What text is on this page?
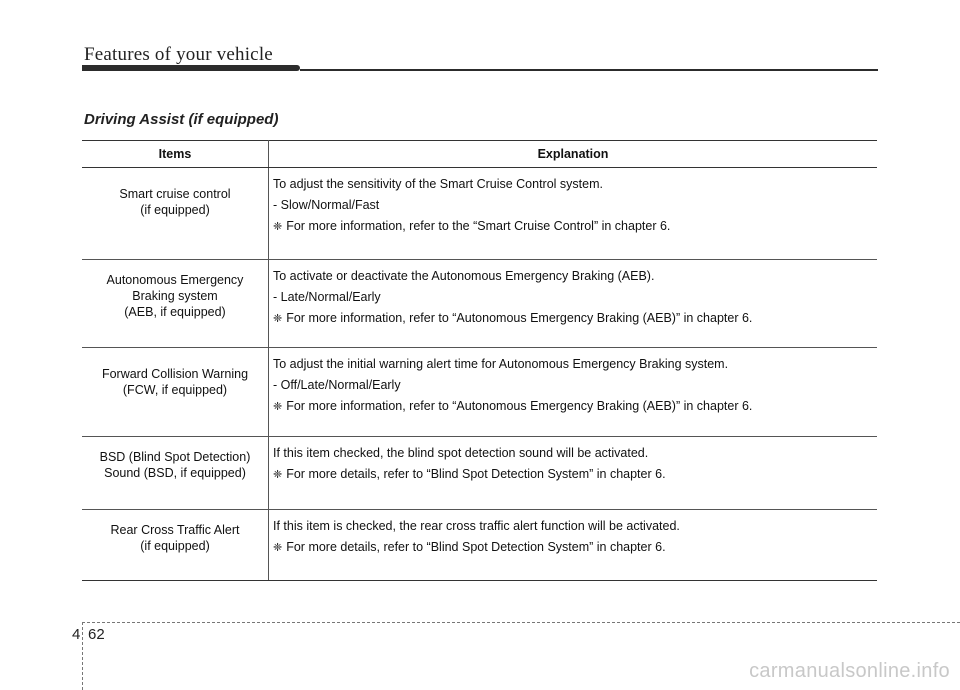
Features of your vehicle
Driving Assist (if equipped)
Items	Explanation

Smart cruise control
(if equipped)	To adjust the sensitivity of the Smart Cruise Control system.
- Slow/Normal/Fast
❈ For more information, refer to the “Smart Cruise Control” in chapter 6.

Autonomous Emergency
Braking system
(AEB, if equipped)	To activate or deactivate the Autonomous Emergency Braking (AEB).
- Late/Normal/Early
❈ For more information, refer to “Autonomous Emergency Braking (AEB)” in chapter 6.

Forward Collision Warning
(FCW, if equipped)	To adjust the initial warning alert time for Autonomous Emergency Braking system.
- Off/Late/Normal/Early
❈ For more information, refer to “Autonomous Emergency Braking (AEB)” in chapter 6.

BSD (Blind Spot Detection)
Sound (BSD, if equipped)	If this item checked, the blind spot detection sound will be activated.
❈ For more details, refer to “Blind Spot Detection System” in chapter 6.

Rear Cross Traffic Alert
(if equipped)	If this item is checked, the rear cross traffic alert function will be activated.
❈ For more details, refer to “Blind Spot Detection System” in chapter 6.
4 62
carmanualsonline.info
